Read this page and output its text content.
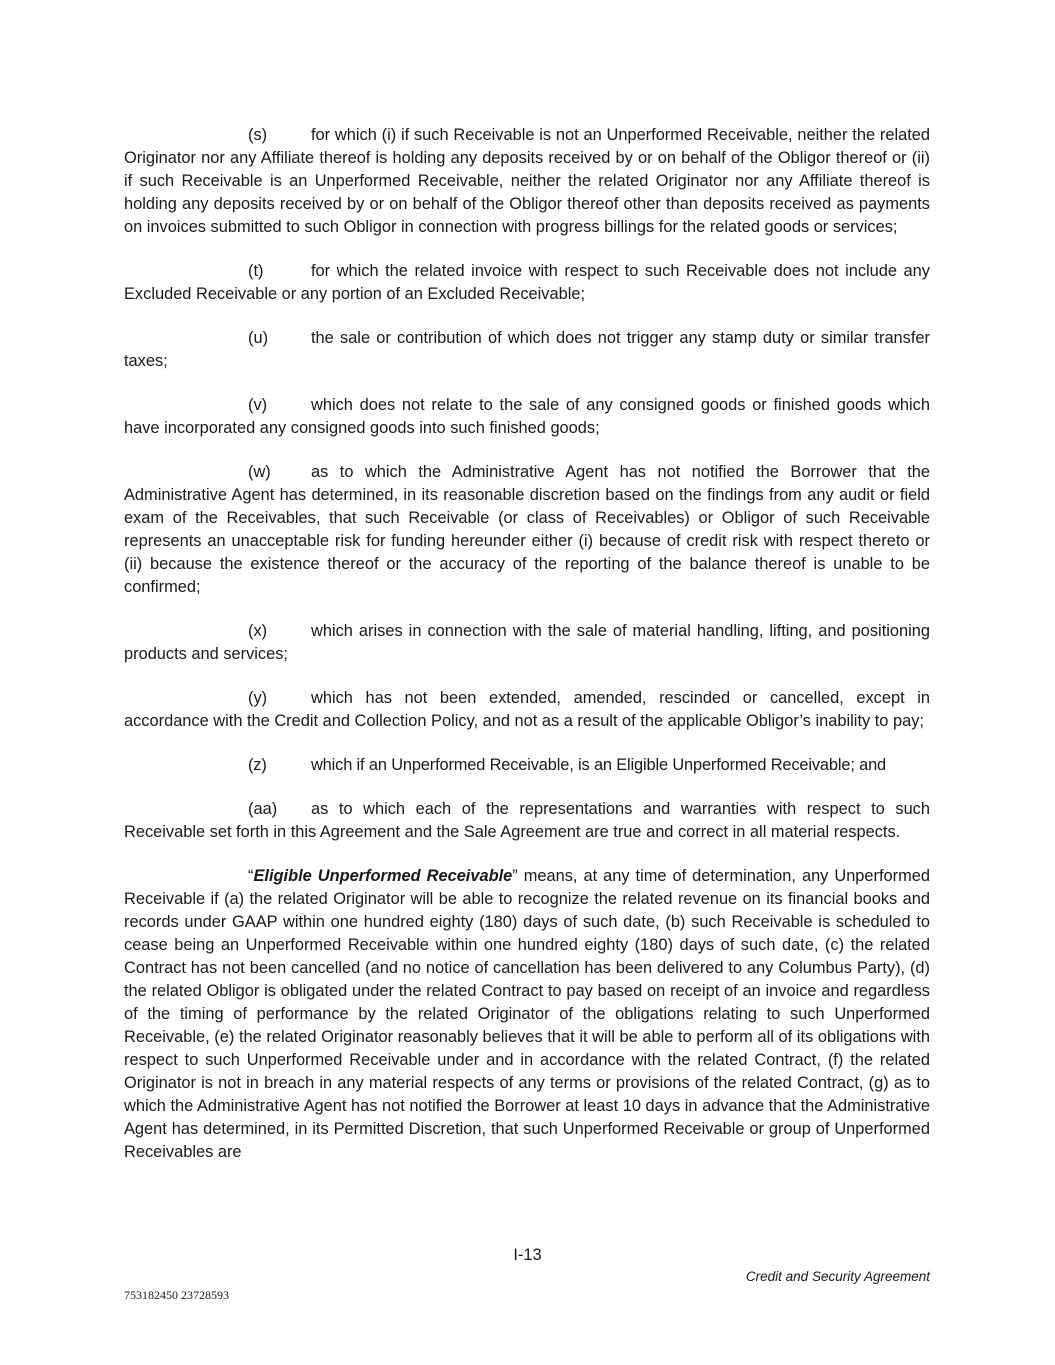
(s)	for which (i) if such Receivable is not an Unperformed Receivable, neither the related Originator nor any Affiliate thereof is holding any deposits received by or on behalf of the Obligor thereof or (ii) if such Receivable is an Unperformed Receivable, neither the related Originator nor any Affiliate thereof is holding any deposits received by or on behalf of the Obligor thereof other than deposits received as payments on invoices submitted to such Obligor in connection with progress billings for the related goods or services;

(t)	for which the related invoice with respect to such Receivable does not include any Excluded Receivable or any portion of an Excluded Receivable;

(u)	the sale or contribution of which does not trigger any stamp duty or similar transfer taxes;

(v)	which does not relate to the sale of any consigned goods or finished goods which have incorporated any consigned goods into such finished goods;

(w) as to which the Administrative Agent has not notified the Borrower that the Administrative Agent has determined, in its reasonable discretion based on the findings from any audit or field exam of the Receivables, that such Receivable (or class of Receivables) or Obligor of such Receivable represents an unacceptable risk for funding hereunder either (i) because of credit risk with respect thereto or (ii) because the existence thereof or the accuracy of the reporting of the balance thereof is unable to be confirmed;

(x)	which arises in connection with the sale of material handling, lifting, and positioning products and services;

(y)	which has not been extended, amended, rescinded or cancelled, except in accordance with the Credit and Collection Policy, and not as a result of the applicable Obligor’s inability to pay;

(z)	which if an Unperformed Receivable, is an Eligible Unperformed Receivable; and

(aa) as to which each of the representations and warranties with respect to such Receivable set forth in this Agreement and the Sale Agreement are true and correct in all material respects.

“Eligible Unperformed Receivable” means, at any time of determination, any Unperformed Receivable if (a) the related Originator will be able to recognize the related revenue on its financial books and records under GAAP within one hundred eighty (180) days of such date, (b) such Receivable is scheduled to cease being an Unperformed Receivable within one hundred eighty (180) days of such date, (c) the related Contract has not been cancelled (and no notice of cancellation has been delivered to any Columbus Party), (d) the related Obligor is obligated under the related Contract to pay based on receipt of an invoice and regardless of the timing of performance by the related Originator of the obligations relating to such Unperformed Receivable, (e) the related Originator reasonably believes that it will be able to perform all of its obligations with respect to such Unperformed Receivable under and in accordance with the related Contract, (f) the related Originator is not in breach in any material respects of any terms or provisions of the related Contract, (g) as to which the Administrative Agent has not notified the Borrower at least 10 days in advance that the Administrative Agent has determined, in its Permitted Discretion, that such Unperformed Receivable or group of Unperformed Receivables are

I-13
Credit and Security Agreement
753182450 23728593
